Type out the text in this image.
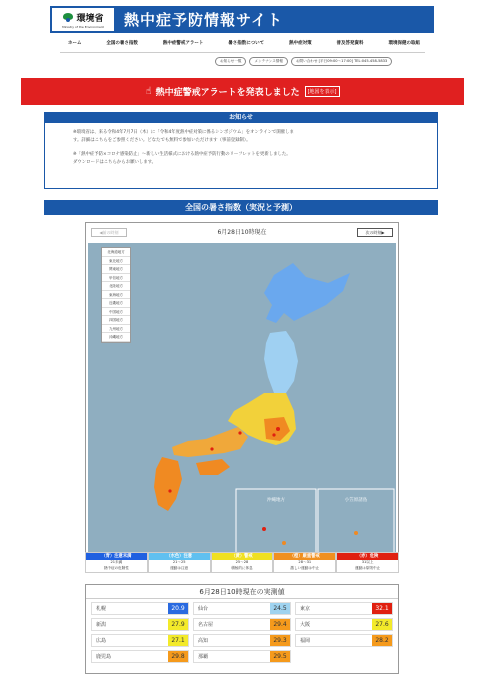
環境省
Ministry of the Environment 熱中症予防情報サイト
ホーム	全国の暑さ指数	熱中症警戒アラート	暑さ指数について	熱中症対策	普及啓発資料	環境保健の取組
お知らせ一覧	メンテナンス情報	お問い合わせ [平日09:00～17:00] TEL:045-458-5833
☝ 熱中症警戒アラートを発表しました	[地図を表示]
お知らせ

※環境省は、来る令和4年7月7日（木）に「令和4年度熱中症対策に係るシンポジウム」をオンラインで開催しま
す。詳細はこちらをご参照ください。どなたでも無料で参加いただけます（事前登録制）。

※「熱中症予防×コロナ感染防止」～新しい生活様式における熱中症予防行動のリーフレットを更新しました。
ダウンロードはこちらからお願いします。

全国の暑さ指数（実況と予測）
◀前の時刻	6月28日10時現在	次の時刻▶
沖縄地方	小笠原諸島
北海道地方
東北地方
関東地方
甲信地方
北陸地方
東海地方
近畿地方
中国地方
四国地方
九州地方
沖縄地方
（青）注意未満
21未満
熱中症の危険性
（水色）注意
21～25
運動は注意
（黄）警戒
25～28
積極的に休息
（橙）厳重警戒
28～31
激しい運動は中止
（赤）危険
31以上
運動は原則中止
6月28日10時現在の実測値
札幌	20.9	仙台	24.5	東京	32.1
新潟	27.9	名古屋	29.4	大阪	27.6
広島	27.1	高知	29.3	福岡	28.2
鹿児島	29.8	那覇	29.5
